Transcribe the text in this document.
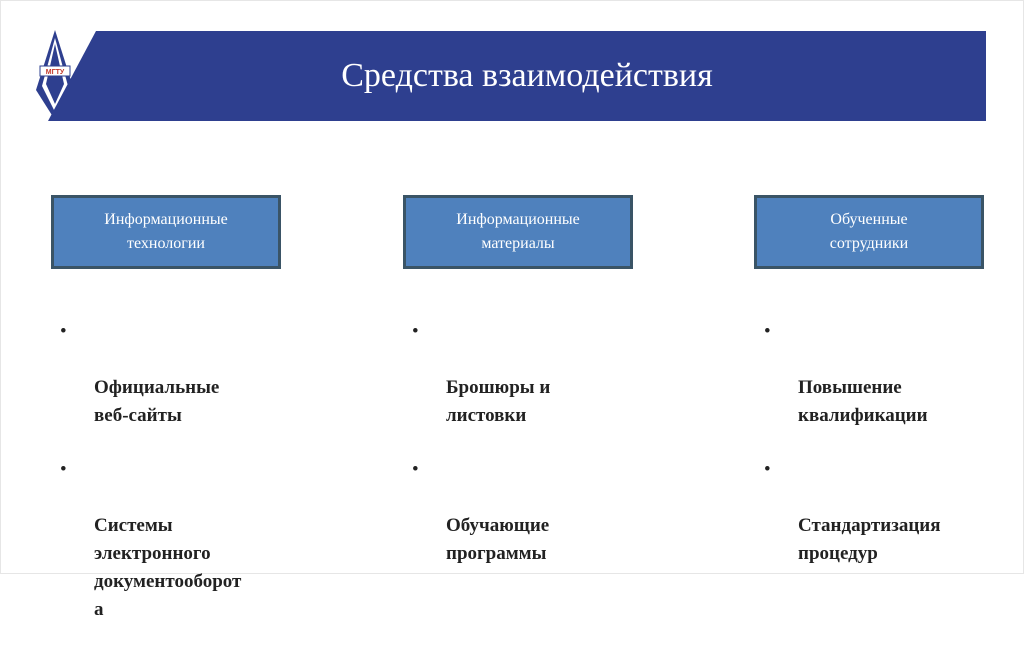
МГТУ	Средства взаимодействия
Информационные
технологии
Информационные
материалы
Обученные
сотрудники

•

Официальные
веб-сайты

•

Системы
электронного
документооборот
а

•

Брошюры и
листовки

•

Обучающие
программы

•

Повышение
квалификации

•

Стандартизация
процедур
